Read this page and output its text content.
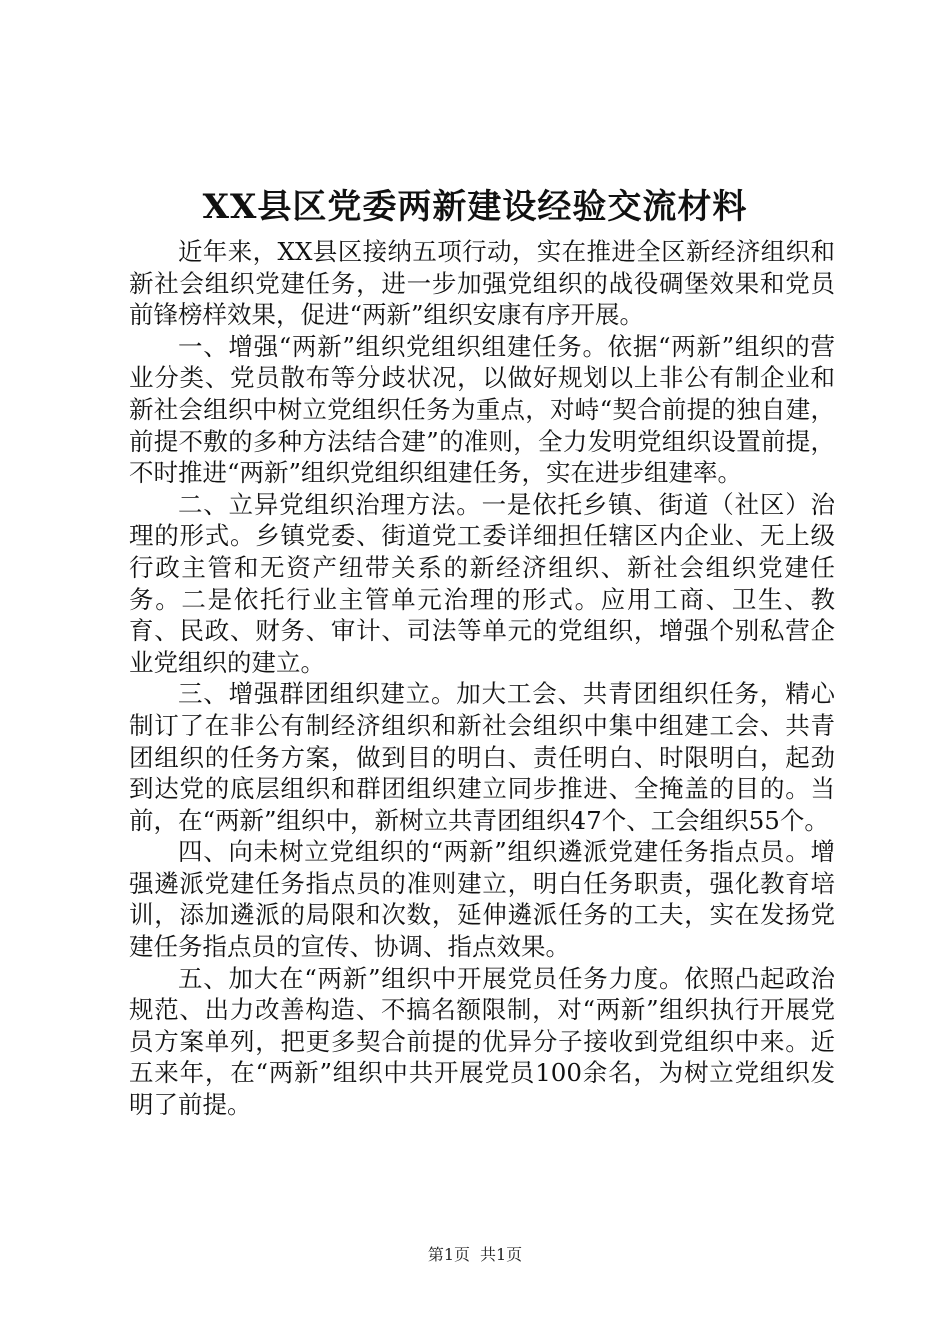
XX县区党委两新建设经验交流材料

近年来，XX县区接纳五项行动，实在推进全区新经济组织和新社会组织党建任务，进一步加强党组织的战役碉堡效果和党员前锋榜样效果，促进“两新”组织安康有序开展。

一、增强“两新”组织党组织组建任务。依据“两新”组织的营业分类、党员散布等分歧状况，以做好规划以上非公有制企业和新社会组织中树立党组织任务为重点，对峙“契合前提的独自建，前提不敷的多种方法结合建”的准则，全力发明党组织设置前提，不时推进“两新”组织党组织组建任务，实在进步组建率。

二、立异党组织治理方法。一是依托乡镇、街道（社区）治理的形式。乡镇党委、街道党工委详细担任辖区内企业、无上级行政主管和无资产纽带关系的新经济组织、新社会组织党建任务。二是依托行业主管单元治理的形式。应用工商、卫生、教育、民政、财务、审计、司法等单元的党组织，增强个别私营企业党组织的建立。

三、增强群团组织建立。加大工会、共青团组织任务，精心制订了在非公有制经济组织和新社会组织中集中组建工会、共青团组织的任务方案，做到目的明白、责任明白、时限明白，起劲到达党的底层组织和群团组织建立同步推进、全掩盖的目的。当前，在“两新”组织中，新树立共青团组织47个、工会组织55个。

四、向未树立党组织的“两新”组织遴派党建任务指点员。增强遴派党建任务指点员的准则建立，明白任务职责，强化教育培训，添加遴派的局限和次数，延伸遴派任务的工夫，实在发扬党建任务指点员的宣传、协调、指点效果。

五、加大在“两新”组织中开展党员任务力度。依照凸起政治规范、出力改善构造、不搞名额限制，对“两新”组织执行开展党员方案单列，把更多契合前提的优异分子接收到党组织中来。近五来年，在“两新”组织中共开展党员100余名，为树立党组织发明了前提。

第1页 共1页
